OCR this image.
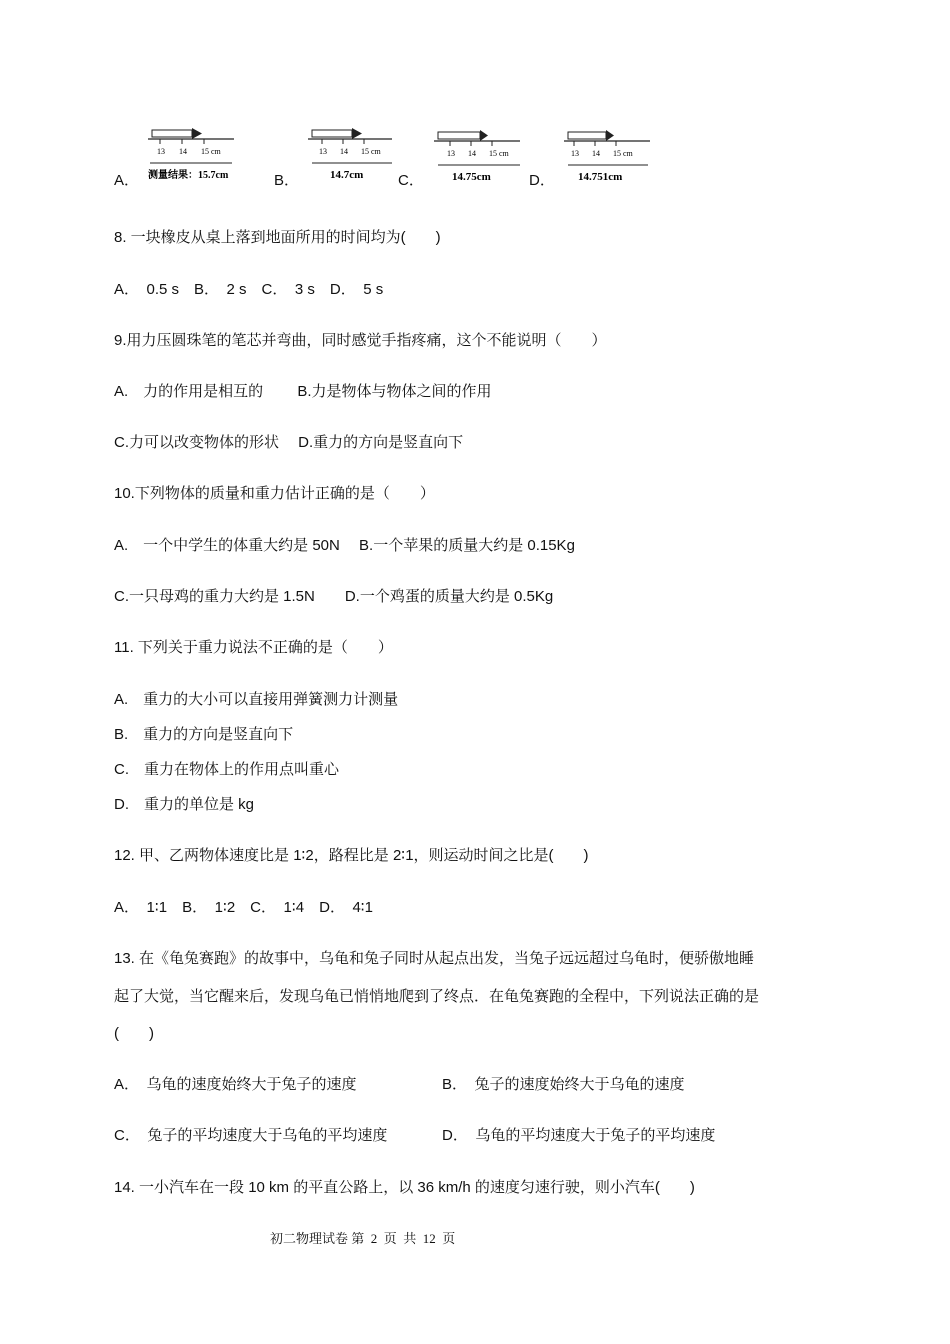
A．
13 14 15 cm
测量结果：15.7cm	B．
13 14 15 cm
14.7cm C．
13 14 15 cm
14.75cm	D．
13 14 15 cm
14.751cm
8. 一块橡皮从桌上落到地面所用的时间均为(　　)
A．　0.5 s　B．　2 s　C．　3 s　D．　5 s
9.用力压圆珠笔的笔芯并弯曲，同时感觉手指疼痛，这个不能说明（　　）
A.　力的作用是相互的　　 B.力是物体与物体之间的作用
C.力可以改变物体的形状　 D.重力的方向是竖直向下
10.下列物体的质量和重力估计正确的是（　　）
A.　一个中学生的体重大约是 50N　 B.一个苹果的质量大约是 0.15Kg
C.一只母鸡的重力大约是 1.5N　　D.一个鸡蛋的质量大约是 0.5Kg
11. 下列关于重力说法不正确的是（　　）
A.　重力的大小可以直接用弹簧测力计测量
B.　重力的方向是竖直向下
C.　重力在物体上的作用点叫重心
D.　重力的单位是 kg
12. 甲、乙两物体速度比是 1∶2，路程比是 2∶1，则运动时间之比是(　　)
A．　1∶1　B．　1∶2　C．　1∶4　D．　4∶1
13. 在《龟兔赛跑》的故事中，乌龟和兔子同时从起点出发，当兔子远远超过乌龟时，便骄傲地睡
起了大觉，当它醒来后，发现乌龟已悄悄地爬到了终点．在龟兔赛跑的全程中，下列说法正确的是
(　　)
A．　乌龟的速度始终大于兔子的速度	B．　兔子的速度始终大于乌龟的速度
C．　兔子的平均速度大于乌龟的平均速度	D．　乌龟的平均速度大于兔子的平均速度
14. 一小汽车在一段 10 km 的平直公路上，以 36 km/h 的速度匀速行驶，则小汽车(　　)
初二物理试卷 第  2  页  共  12  页
